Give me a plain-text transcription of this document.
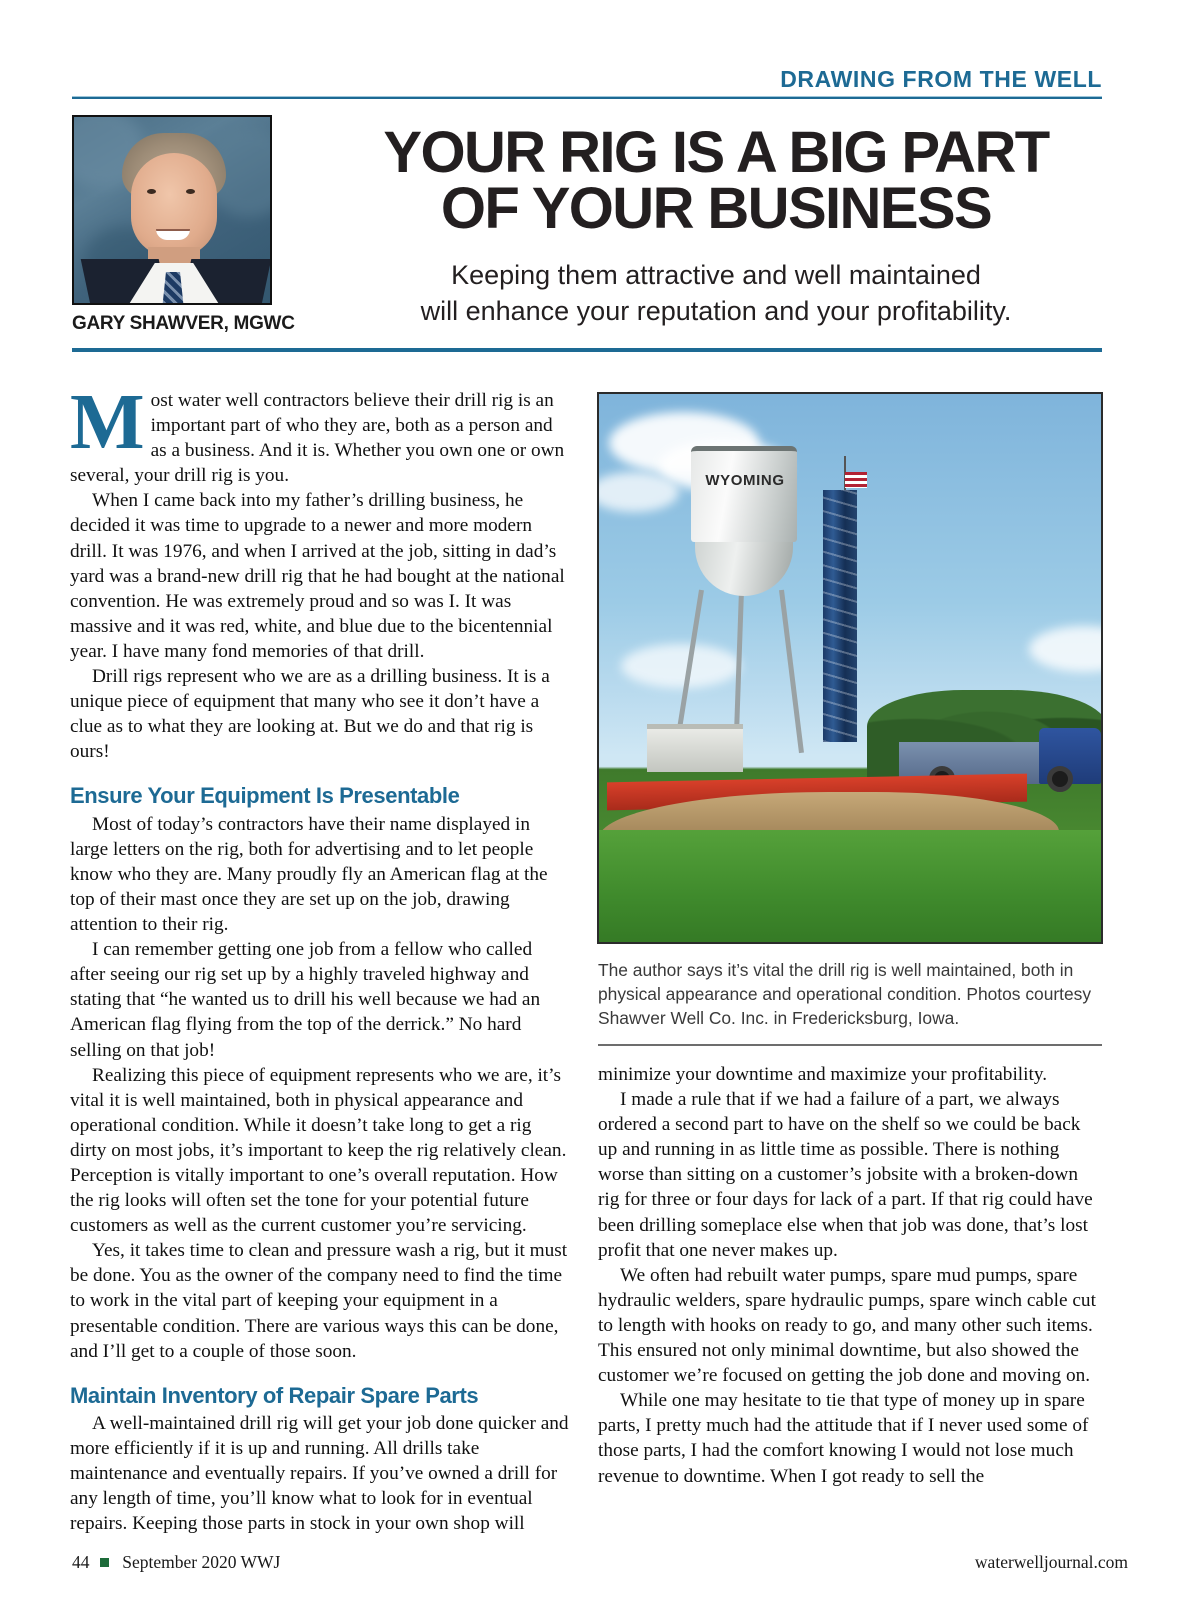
DRAWING FROM THE WELL
GARY SHAWVER, MGWC
YOUR RIG IS A BIG PART
OF YOUR BUSINESS
Keeping them attractive and well maintained
will enhance your reputation and your profitability.

Most water well contractors believe their drill rig is an important part of who they are, both as a person and as a business. And it is. Whether you own one or own several, your drill rig is you.

When I came back into my father’s drilling business, he decided it was time to upgrade to a newer and more modern drill. It was 1976, and when I arrived at the job, sitting in dad’s yard was a brand-new drill rig that he had bought at the national convention. He was extremely proud and so was I. It was massive and it was red, white, and blue due to the bicentennial year. I have many fond memories of that drill.

Drill rigs represent who we are as a drilling business. It is a unique piece of equipment that many who see it don’t have a clue as to what they are looking at. But we do and that rig is ours!

Ensure Your Equipment Is Presentable

Most of today’s contractors have their name displayed in large letters on the rig, both for advertising and to let people know who they are. Many proudly fly an American flag at the top of their mast once they are set up on the job, drawing attention to their rig.

I can remember getting one job from a fellow who called after seeing our rig set up by a highly traveled highway and stating that “he wanted us to drill his well because we had an American flag flying from the top of the derrick.” No hard selling on that job!

Realizing this piece of equipment represents who we are, it’s vital it is well maintained, both in physical appearance and operational condition. While it doesn’t take long to get a rig dirty on most jobs, it’s important to keep the rig relatively clean. Perception is vitally important to one’s overall reputation. How the rig looks will often set the tone for your potential future customers as well as the current customer you’re servicing.

Yes, it takes time to clean and pressure wash a rig, but it must be done. You as the owner of the company need to find the time to work in the vital part of keeping your equipment in a presentable condition. There are various ways this can be done, and I’ll get to a couple of those soon.

Maintain Inventory of Repair Spare Parts

A well-maintained drill rig will get your job done quicker and more efficiently if it is up and running. All drills take maintenance and eventually repairs. If you’ve owned a drill for any length of time, you’ll know what to look for in eventual repairs. Keeping those parts in stock in your own shop will

WYOMING
The author says it’s vital the drill rig is well maintained, both in physical appearance and operational condition. Photos courtesy Shawver Well Co. Inc. in Fredericksburg, Iowa.

minimize your downtime and maximize your profitability.

I made a rule that if we had a failure of a part, we always ordered a second part to have on the shelf so we could be back up and running in as little time as possible. There is nothing worse than sitting on a customer’s jobsite with a broken-down rig for three or four days for lack of a part. If that rig could have been drilling someplace else when that job was done, that’s lost profit that one never makes up.

We often had rebuilt water pumps, spare mud pumps, spare hydraulic welders, spare hydraulic pumps, spare winch cable cut to length with hooks on ready to go, and many other such items. This ensured not only minimal downtime, but also showed the customer we’re focused on getting the job done and moving on.

While one may hesitate to tie that type of money up in spare parts, I pretty much had the attitude that if I never used some of those parts, I had the comfort knowing I would not lose much revenue to downtime. When I got ready to sell the

44 September 2020 WWJ	waterwelljournal.com
